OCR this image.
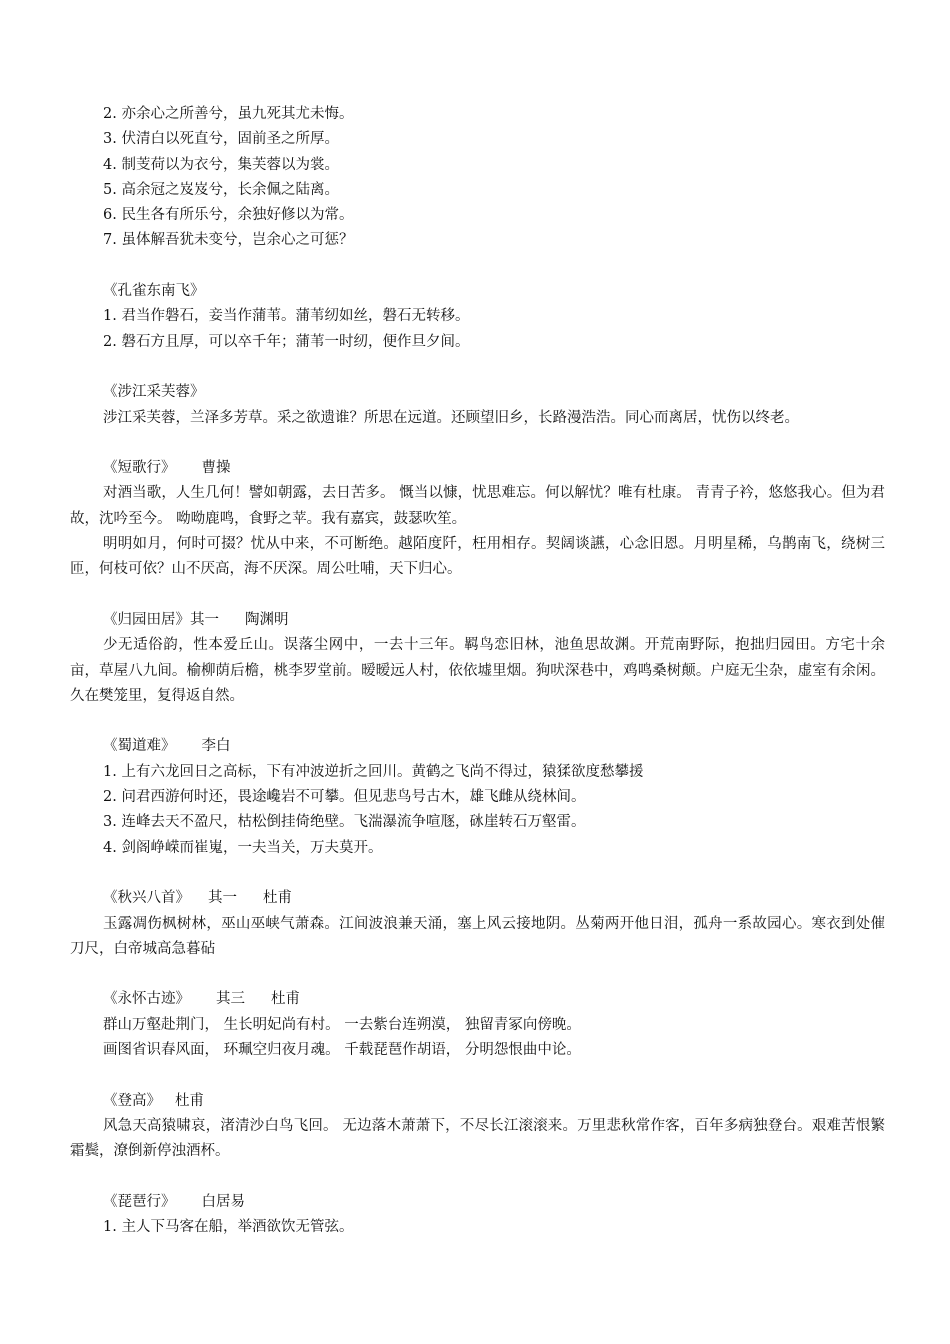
2. 亦余心之所善兮，虽九死其尤未悔。
3. 伏清白以死直兮，固前圣之所厚。
4. 制芰荷以为衣兮，集芙蓉以为裳。
5. 高余冠之岌岌兮，长余佩之陆离。
6. 民生各有所乐兮，余独好修以为常。
7. 虽体解吾犹未变兮，岂余心之可惩？
《孔雀东南飞》
1. 君当作磐石，妾当作蒲苇。蒲苇纫如丝，磐石无转移。
2. 磐石方且厚，可以卒千年；蒲苇一时纫，便作旦夕间。
《涉江采芙蓉》
涉江采芙蓉，兰泽多芳草。采之欲遗谁？所思在远道。还顾望旧乡，长路漫浩浩。同心而离居，忧伤以终老。
《短歌行》 曹操
对酒当歌，人生几何！譬如朝露，去日苦多。 慨当以慷，忧思难忘。何以解忧？唯有杜康。 青青子衿，悠悠我心。但为君故，沈吟至今。 呦呦鹿鸣，食野之苹。我有嘉宾，鼓瑟吹笙。
明明如月，何时可掇？忧从中来，不可断绝。越陌度阡，枉用相存。契阔谈讌，心念旧恩。月明星稀，乌鹊南飞，绕树三匝，何枝可依？山不厌高，海不厌深。周公吐哺，天下归心。
《归园田居》其一 陶渊明
少无适俗韵，性本爱丘山。误落尘网中，一去十三年。羁鸟恋旧林，池鱼思故渊。开荒南野际，抱拙归园田。方宅十余亩，草屋八九间。榆柳荫后檐，桃李罗堂前。暧暧远人村，依依墟里烟。狗吠深巷中，鸡鸣桑树颠。户庭无尘杂，虚室有余闲。久在樊笼里，复得返自然。
《蜀道难》 李白
1. 上有六龙回日之高标，下有冲波逆折之回川。黄鹤之飞尚不得过，猿猱欲度愁攀援
2. 问君西游何时还，畏途巉岩不可攀。但见悲鸟号古木，雄飞雌从绕林间。
3. 连峰去天不盈尺，枯松倒挂倚绝壁。飞湍瀑流争喧豗，砯崖转石万壑雷。
4. 剑阁峥嵘而崔嵬，一夫当关，万夫莫开。
《秋兴八首》 其一 杜甫
玉露凋伤枫树林，巫山巫峡气萧森。江间波浪兼天涌，塞上风云接地阴。丛菊两开他日泪，孤舟一系故园心。寒衣到处催刀尺，白帝城高急暮砧
《永怀古迹》 其三 杜甫
群山万壑赴荆门， 生长明妃尚有村。 一去紫台连朔漠， 独留青冢向傍晚。
画图省识春风面， 环珮空归夜月魂。 千载琵琶作胡语， 分明怨恨曲中论。
《登高》 杜甫
风急天高猿啸哀，渚清沙白鸟飞回。 无边落木萧萧下，不尽长江滚滚来。万里悲秋常作客，百年多病独登台。艰难苦恨繁霜鬓，潦倒新停浊酒杯。
《琵琶行》 白居易
1. 主人下马客在船，举酒欲饮无管弦。
